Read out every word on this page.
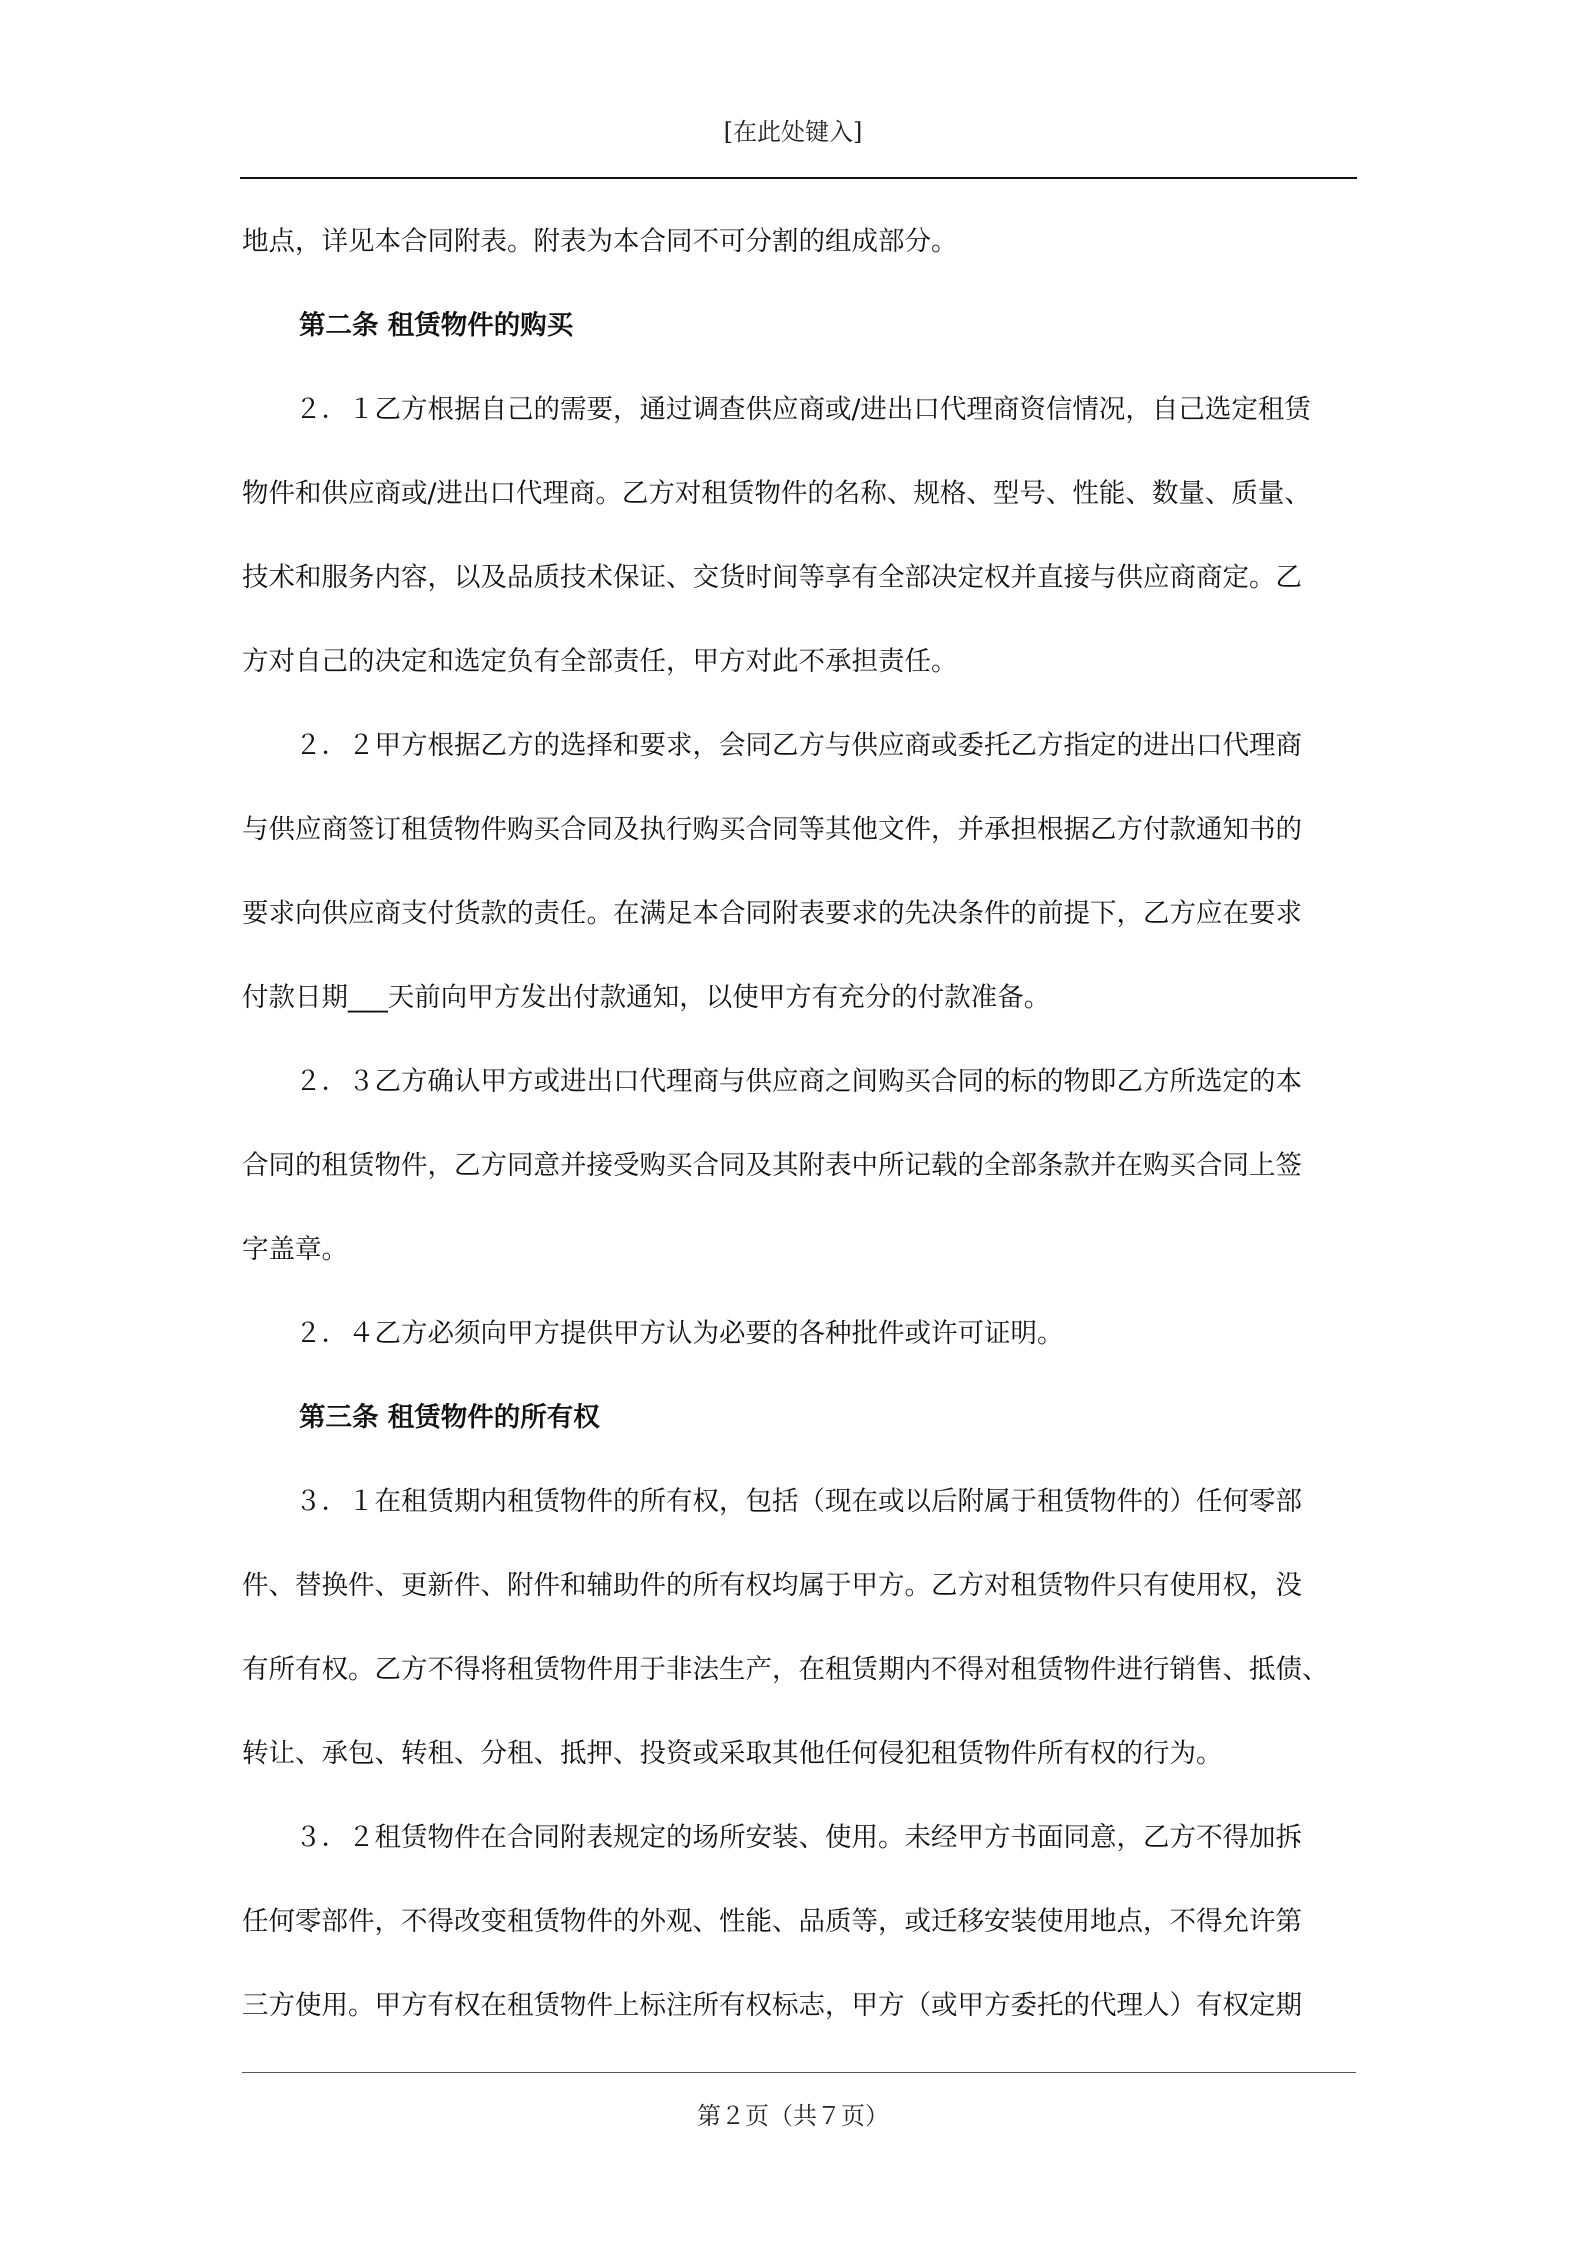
[在此处键入]

地点，详见本合同附表。附表为本合同不可分割的组成部分。

第二条 租赁物件的购买

　　２．１乙方根据自己的需要，通过调查供应商或/进出口代理商资信情况，自己选定租赁

物件和供应商或/进出口代理商。乙方对租赁物件的名称、规格、型号、性能、数量、质量、

技术和服务内容，以及品质技术保证、交货时间等享有全部决定权并直接与供应商商定。乙

方对自己的决定和选定负有全部责任，甲方对此不承担责任。

　　２．２甲方根据乙方的选择和要求，会同乙方与供应商或委托乙方指定的进出口代理商

与供应商签订租赁物件购买合同及执行购买合同等其他文件，并承担根据乙方付款通知书的

要求向供应商支付货款的责任。在满足本合同附表要求的先决条件的前提下，乙方应在要求

付款日期___天前向甲方发出付款通知，以使甲方有充分的付款准备。

　　２．３乙方确认甲方或进出口代理商与供应商之间购买合同的标的物即乙方所选定的本

合同的租赁物件，乙方同意并接受购买合同及其附表中所记载的全部条款并在购买合同上签

字盖章。

　　２．４乙方必须向甲方提供甲方认为必要的各种批件或许可证明。

第三条 租赁物件的所有权

　　３．１在租赁期内租赁物件的所有权，包括（现在或以后附属于租赁物件的）任何零部

件、替换件、更新件、附件和辅助件的所有权均属于甲方。乙方对租赁物件只有使用权，没

有所有权。乙方不得将租赁物件用于非法生产，在租赁期内不得对租赁物件进行销售、抵债、

转让、承包、转租、分租、抵押、投资或采取其他任何侵犯租赁物件所有权的行为。

　　３．２租赁物件在合同附表规定的场所安装、使用。未经甲方书面同意，乙方不得加拆

任何零部件，不得改变租赁物件的外观、性能、品质等，或迁移安装使用地点，不得允许第

三方使用。甲方有权在租赁物件上标注所有权标志，甲方（或甲方委托的代理人）有权定期

第２页（共７页）
